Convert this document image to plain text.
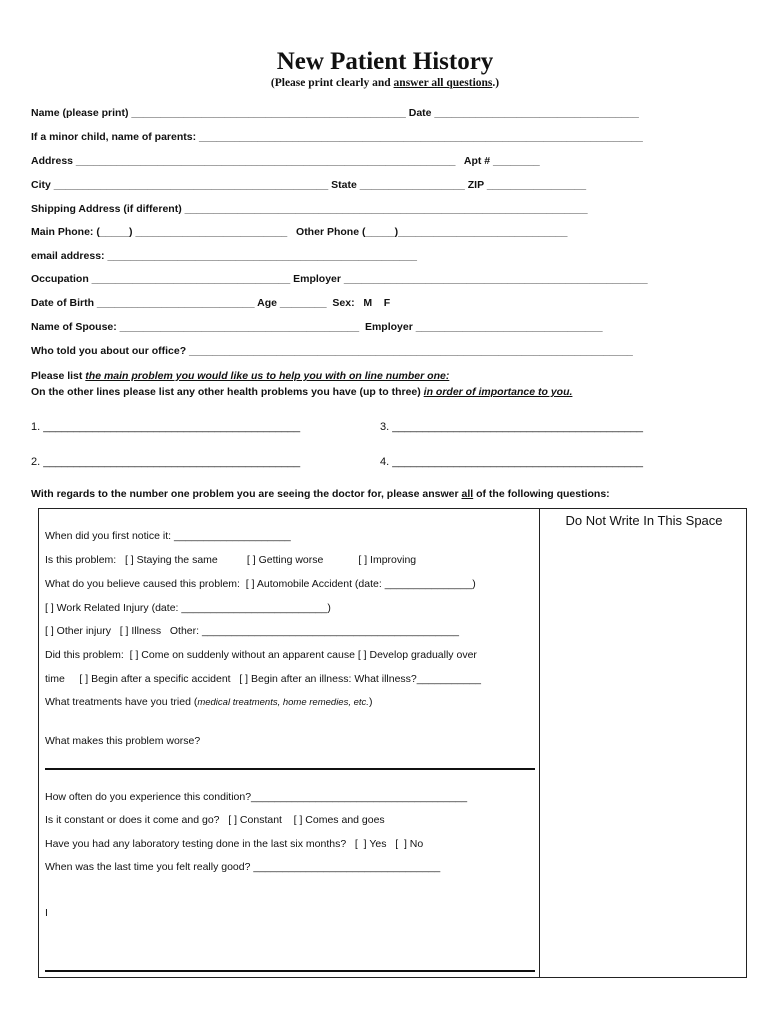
New Patient History
(Please print clearly and answer all questions.)
Name (please print) _______________________________________________ Date ___________________________________
If a minor child, name of parents: ____________________________________________________________________________
Address _________________________________________________________________   Apt # ________
City _______________________________________________ State __________________ ZIP _________________
Shipping Address (if different) _____________________________________________________________________
Main Phone: (_____) __________________________   Other Phone (_____)_____________________________
email address: _____________________________________________________
Occupation __________________________________ Employer ____________________________________________________
Date of Birth ___________________________ Age ________  Sex:   M    F
Name of Spouse: _________________________________________  Employer ________________________________
Who told you about our office? ____________________________________________________________________________
Please list the main problem you would like us to help you with on line number one:
On the other lines please list any other health problems you have (up to three) in order of importance to you.
1. __________________________________________	3. _________________________________________
2. __________________________________________	4. _________________________________________
With regards to the number one problem you are seeing the doctor for, please answer all of the following questions:
Do Not Write In This Space
When did you first notice it: ____________________
Is this problem:   [ ] Staying the same          [ ] Getting worse            [ ] Improving
What do you believe caused this problem:  [ ] Automobile Accident (date: _______________)
[ ] Work Related Injury (date: _________________________)
[ ] Other injury   [ ] Illness   Other: ____________________________________________
Did this problem:  [ ] Come on suddenly without an apparent cause [ ] Develop gradually over
time     [ ] Begin after a specific accident   [ ] Begin after an illness: What illness?___________
What treatments have you tried (medical treatments, home remedies, etc.)
What makes this problem worse?
How often do you experience this condition?_____________________________________
Is it constant or does it come and go?   [ ] Constant    [ ] Comes and goes
Have you had any laboratory testing done in the last six months?   [  ] Yes   [  ] No
When was the last time you felt really good? ________________________________
I
